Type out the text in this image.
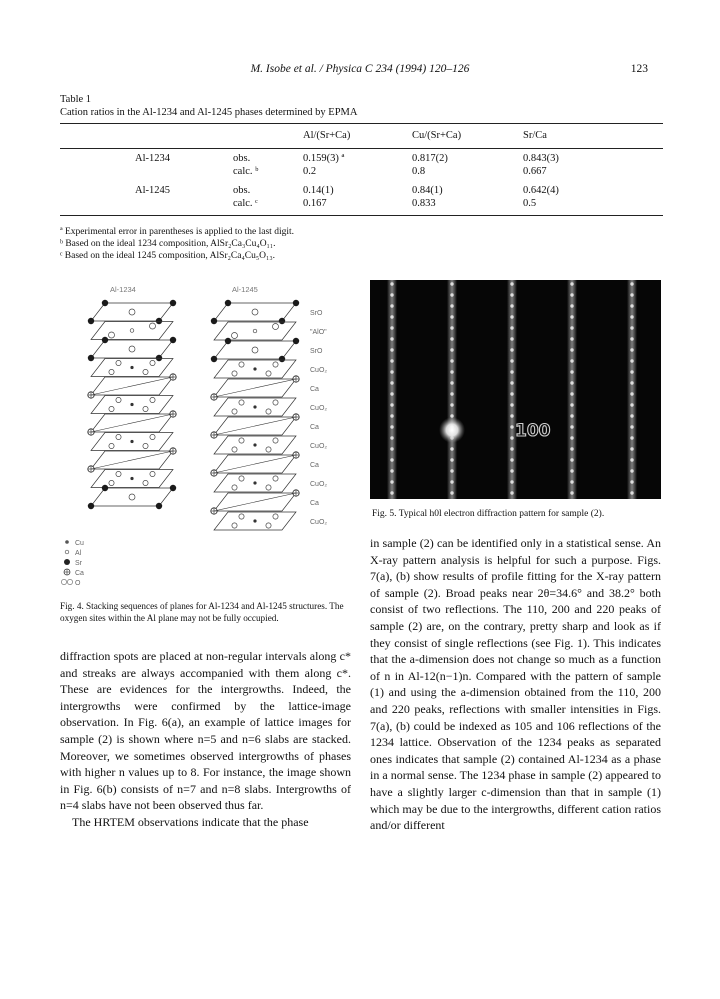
M. Isobe et al. / Physica C 234 (1994) 120–126	123
Table 1
Cation ratios in the Al-1234 and Al-1245 phases determined by EPMA
Al/(Sr+Ca)	Cu/(Sr+Ca)	Sr/Ca
Al-1234	obs.	0.159(3) ª	0.817(2)	0.843(3)
calc. ᵇ	0.2	0.8	0.667
Al-1245	obs.	0.14(1)	0.84(1)	0.642(4)
calc. ᶜ	0.167	0.833	0.5
ª Experimental error in parentheses is applied to the last digit.
ᵇ Based on the ideal 1234 composition, AlSr₂Ca₃Cu₄O₁₁.
ᶜ Based on the ideal 1245 composition, AlSr₂Ca₄Cu₅O₁₃.
Al-1234	Al-1245
SrO
"AlO"
SrO
CuO₂
Ca
CuO₂
Ca
CuO₂
Ca
CuO₂
Ca
CuO₂
Cu
Al
Sr
Ca
O
Fig. 4. Stacking sequences of planes for Al-1234 and Al-1245 structures. The oxygen sites within the Al plane may not be fully occupied.
100
Fig. 5. Typical h0l electron diffraction pattern for sample (2).

diffraction spots are placed at non-regular intervals along c* and streaks are always accompanied with them along c*. These are evidences for the intergrowths. Indeed, the intergrowths were confirmed by the lattice-image observation. In Fig. 6(a), an example of lattice images for sample (2) is shown where n=5 and n=6 slabs are stacked. Moreover, we sometimes observed intergrowths of phases with higher n values up to 8. For instance, the image shown in Fig. 6(b) consists of n=7 and n=8 slabs. Intergrowths of n=4 slabs have not been observed thus far.

The HRTEM observations indicate that the phase

in sample (2) can be identified only in a statistical sense. An X-ray pattern analysis is helpful for such a purpose. Figs. 7(a), (b) show results of profile fitting for the X-ray pattern of sample (2). Broad peaks near 2θ=34.6° and 38.2° both consist of two reflections. The 110, 200 and 220 peaks of sample (2) are, on the contrary, pretty sharp and look as if they consist of single reflections (see Fig. 1). This indicates that the a-dimension does not change so much as a function of n in Al-12(n−1)n. Compared with the pattern of sample (1) and using the a-dimension obtained from the 110, 200 and 220 peaks, reflections with smaller intensities in Figs. 7(a), (b) could be indexed as 105 and 106 reflections of the 1234 lattice. Observation of the 1234 peaks as separated ones indicates that sample (2) contained Al-1234 as a phase in a normal sense. The 1234 phase in sample (2) appeared to have a slightly larger c-dimension than that in sample (1) which may be due to the intergrowths, different cation ratios and/or different
